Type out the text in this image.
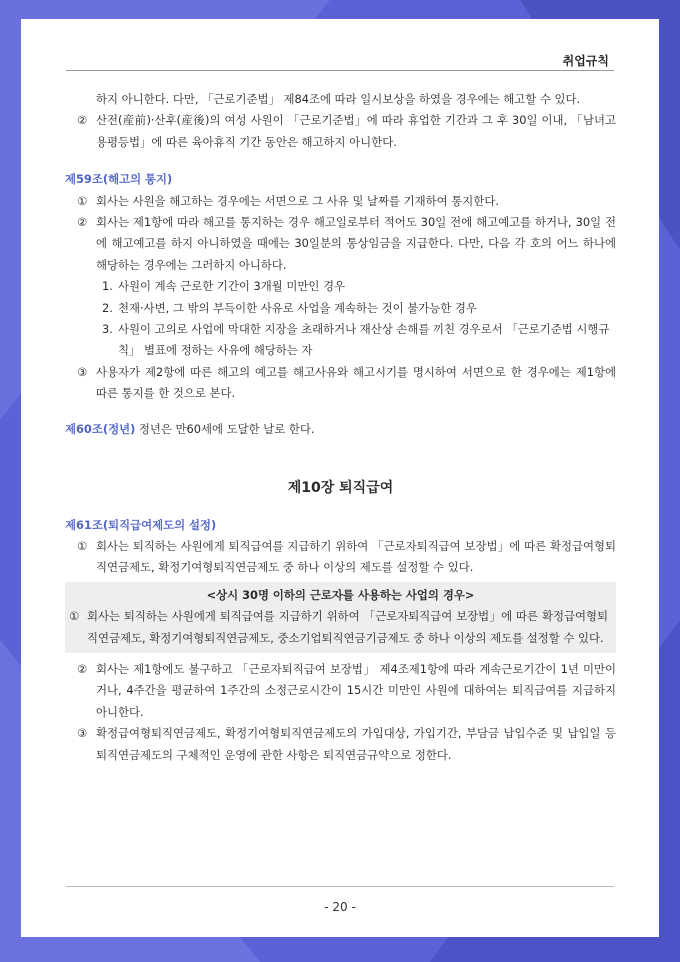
취업규칙
하지 아니한다. 다만, 「근로기준법」 제84조에 따라 일시보상을 하였을 경우에는 해고할 수 있다.
② 산전(産前)·산후(産後)의 여성 사원이 「근로기준법」에 따라 휴업한 기간과 그 후 30일 이내, 「남녀고용평등법」에 따른 육아휴직 기간 동안은 해고하지 아니한다.
제59조(해고의 통지)
① 회사는 사원을 해고하는 경우에는 서면으로 그 사유 및 날짜를 기재하여 통지한다.
② 회사는 제1항에 따라 해고를 통지하는 경우 해고일로부터 적어도 30일 전에 해고예고를 하거나, 30일 전에 해고예고를 하지 아니하였을 때에는 30일분의 통상임금을 지급한다. 다만, 다음 각 호의 어느 하나에 해당하는 경우에는 그러하지 아니하다.
1. 사원이 계속 근로한 기간이 3개월 미만인 경우
2. 천재·사변, 그 밖의 부득이한 사유로 사업을 계속하는 것이 불가능한 경우
3. 사원이 고의로 사업에 막대한 지장을 초래하거나 재산상 손해를 끼친 경우로서 「근로기준법 시행규칙」 별표에 정하는 사유에 해당하는 자
③ 사용자가 제2항에 따른 해고의 예고를 해고사유와 해고시기를 명시하여 서면으로 한 경우에는 제1항에 따른 통지를 한 것으로 본다.
제60조(정년) 정년은 만60세에 도달한 날로 한다.
제10장 퇴직급여
제61조(퇴직급여제도의 설정)
① 회사는 퇴직하는 사원에게 퇴직급여를 지급하기 위하여 「근로자퇴직급여 보장법」에 따른 확정급여형퇴직연금제도, 확정기여형퇴직연금제도 중 하나 이상의 제도를 설정할 수 있다.
<상시 30명 이하의 근로자를 사용하는 사업의 경우>
① 회사는 퇴직하는 사원에게 퇴직급여를 지급하기 위하여 「근로자퇴직급여 보장법」에 따른 확정급여형퇴직연금제도, 확정기여형퇴직연금제도, 중소기업퇴직연금기금제도 중 하나 이상의 제도를 설정할 수 있다.
② 회사는 제1항에도 불구하고 「근로자퇴직급여 보장법」 제4조제1항에 따라 계속근로기간이 1년 미만이거나, 4주간을 평균하여 1주간의 소정근로시간이 15시간 미만인 사원에 대하여는 퇴직급여를 지급하지 아니한다.
③ 확정급여형퇴직연금제도, 확정기여형퇴직연금제도의 가입대상, 가입기간, 부담금 납입수준 및 납입일 등 퇴직연금제도의 구체적인 운영에 관한 사항은 퇴직연금규약으로 정한다.
- 20 -
